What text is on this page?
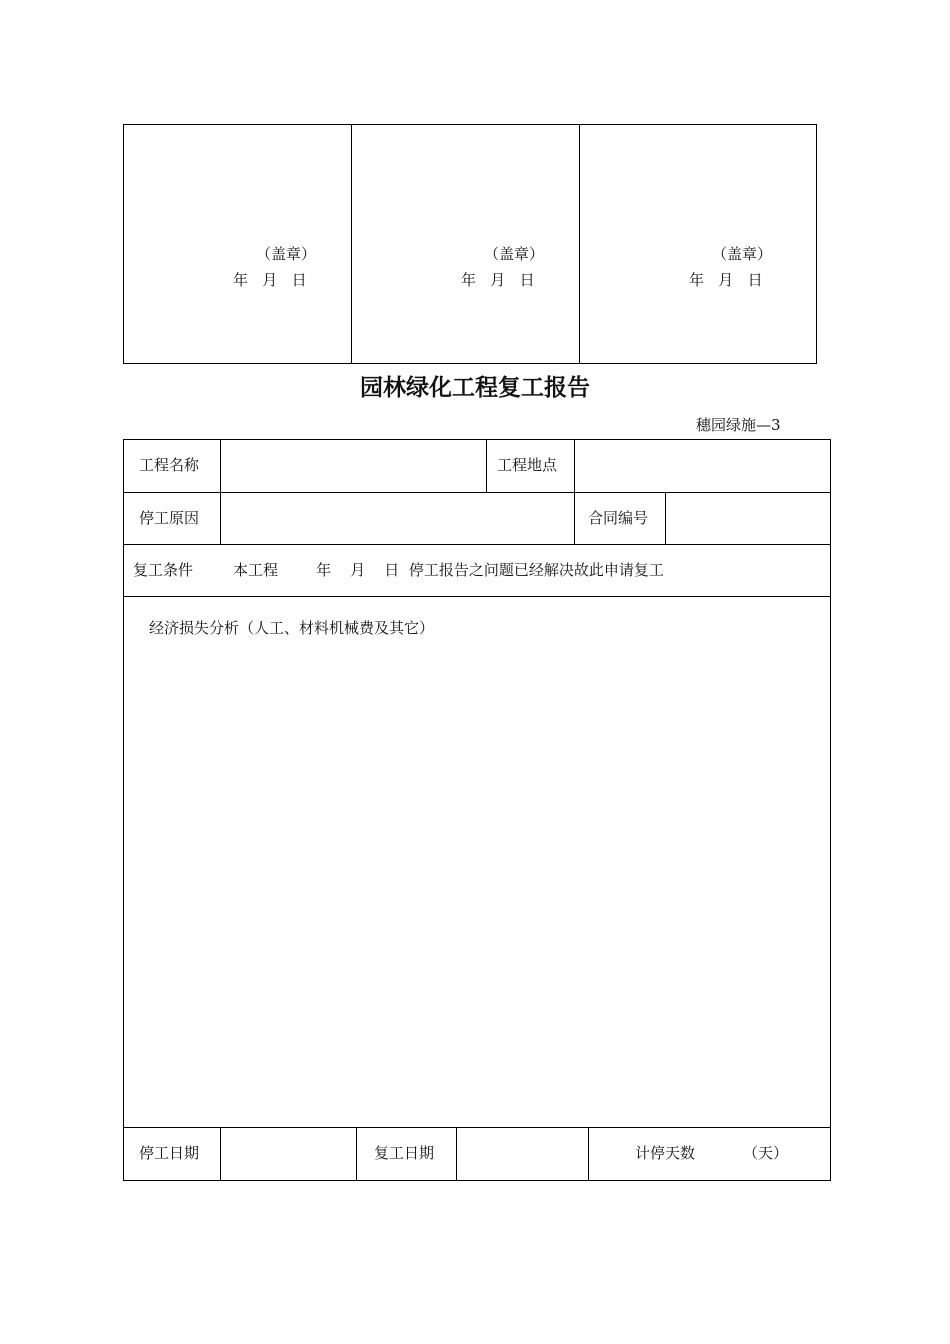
（盖章）
年   月   日
（盖章）
年   月   日
（盖章）
年   月   日
园林绿化工程复工报告
穗园绿施—3
工程名称	工程地点
停工原因	合同编号
复工条件	本工程        年    月    日  停工报告之问题已经解决故此申请复工
经济损失分析（人工、材料机械费及其它）
停工日期	复工日期	计停天数	（天）
